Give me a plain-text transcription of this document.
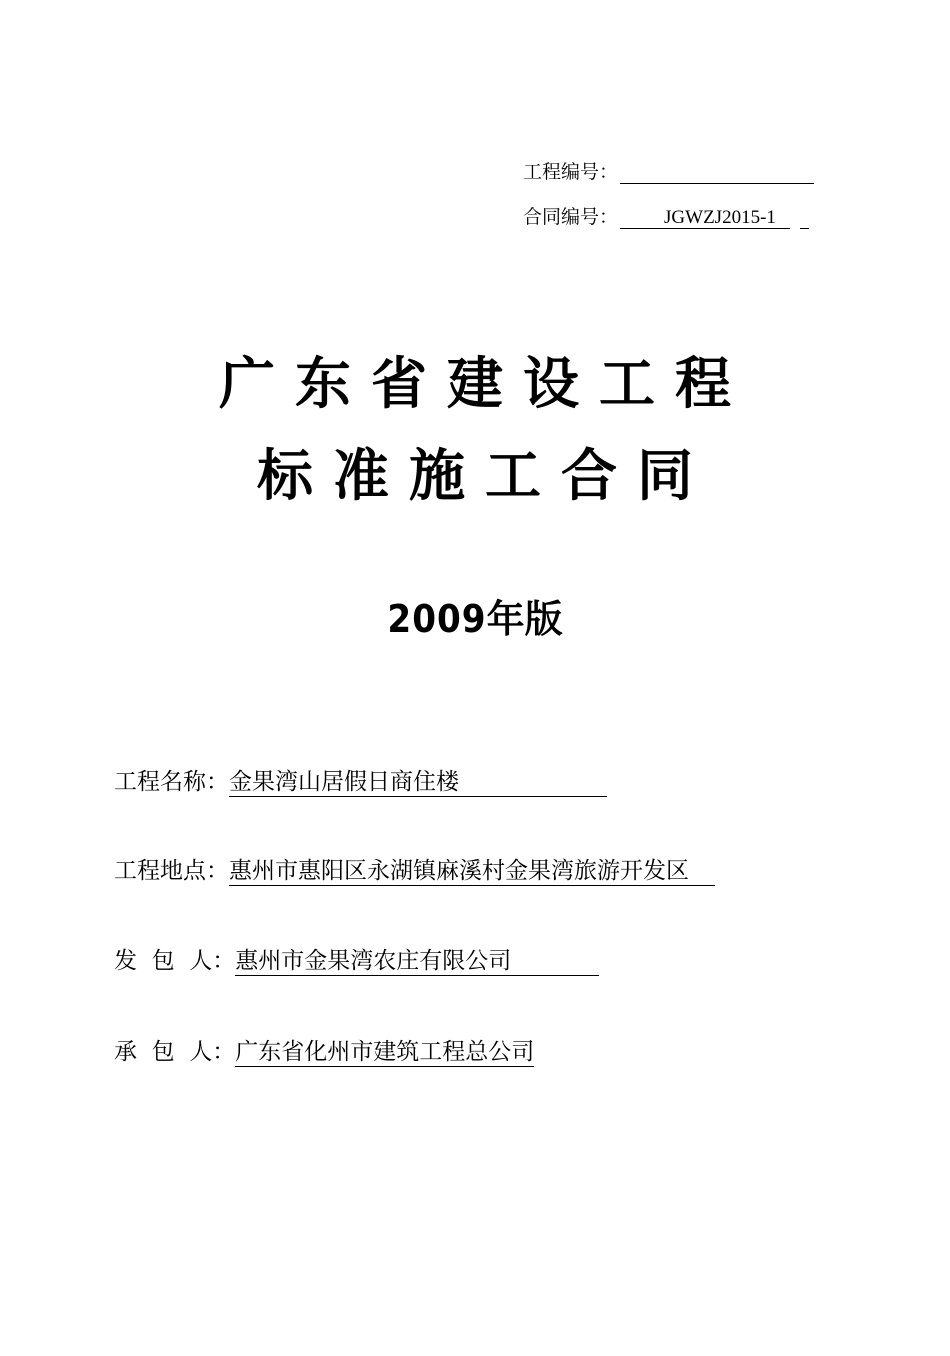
工程编号：
合同编号： JGWZJ2015-1
广东省建设工程
标准施工合同
2009年版
工程名称：金果湾山居假日商住楼
工程地点：惠州市惠阳区永湖镇麻溪村金果湾旅游开发区
发  包  人：惠州市金果湾农庄有限公司
承  包  人：广东省化州市建筑工程总公司
